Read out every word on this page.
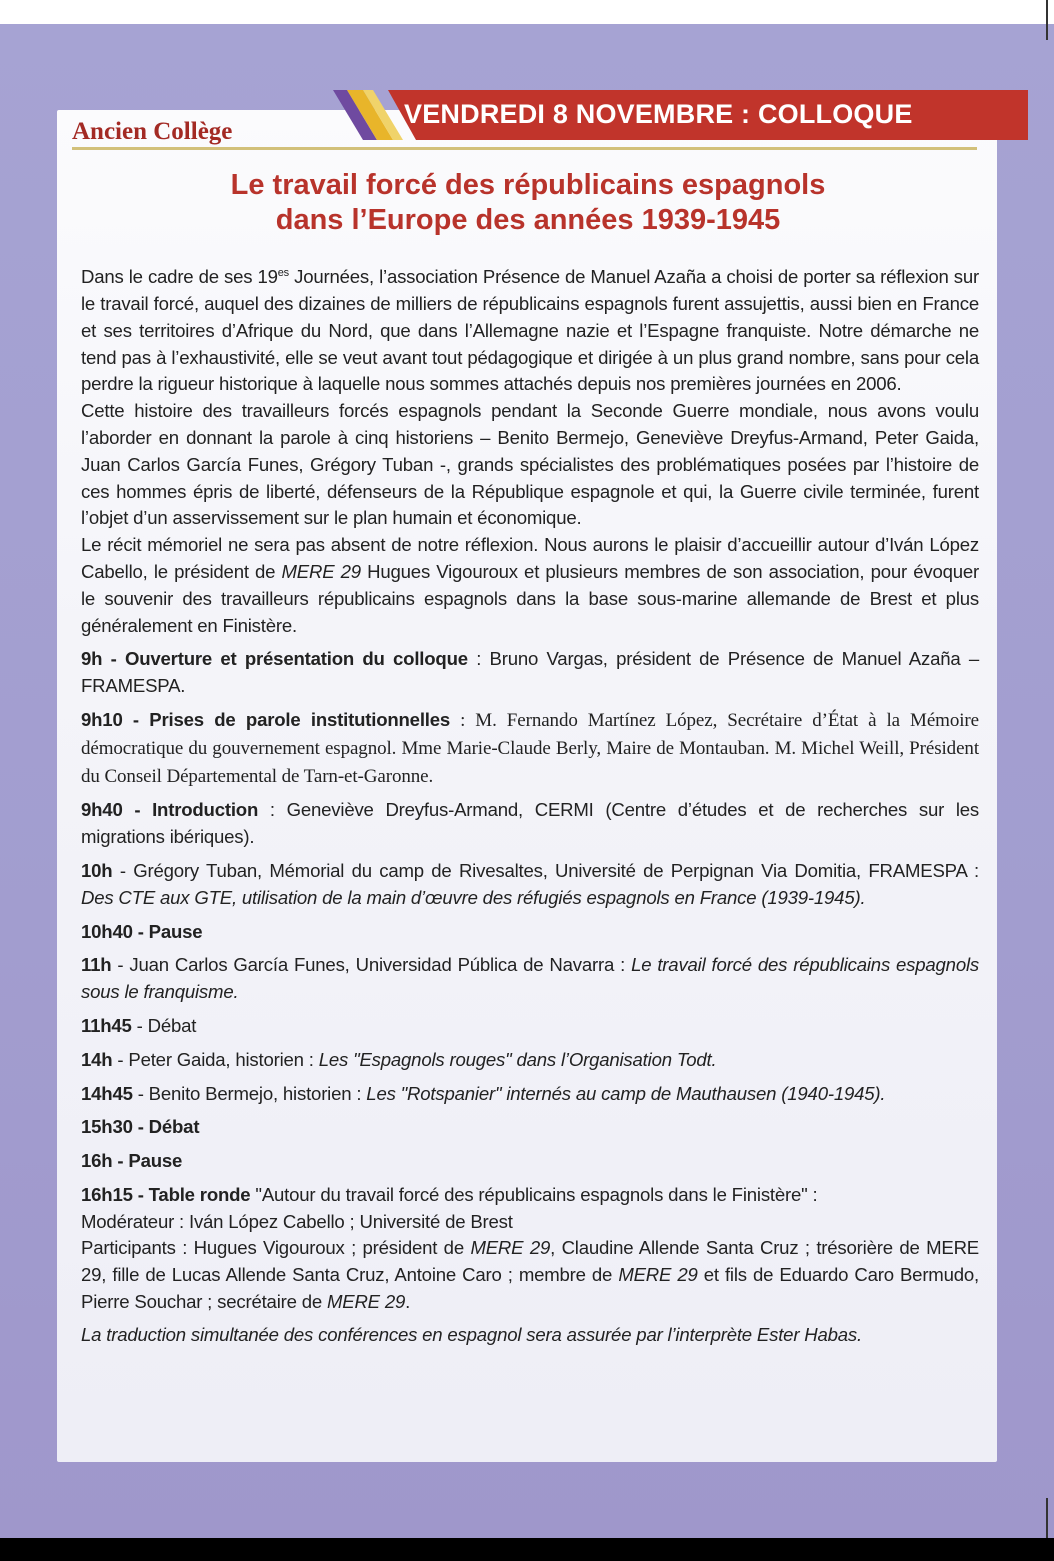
VENDREDI 8 NOVEMBRE : COLLOQUE
Ancien Collège
Le travail forcé des républicains espagnols
dans l’Europe des années 1939-1945

Dans le cadre de ses $19^{es}$ Journées, l’association Présence de Manuel Azaña a choisi de porter sa réflexion sur le travail forcé, auquel des dizaines de milliers de républicains espagnols furent assujettis, aussi bien en France et ses territoires d’Afrique du Nord, que dans l’Allemagne nazie et l’Espagne franquiste. Notre démarche ne tend pas à l’exhaustivité, elle se veut avant tout pédagogique et dirigée à un plus grand nombre, sans pour cela perdre la rigueur historique à laquelle nous sommes attachés depuis nos premières journées en 2006.

Cette histoire des travailleurs forcés espagnols pendant la Seconde Guerre mondiale, nous avons voulu l’aborder en donnant la parole à cinq historiens – Benito Bermejo, Geneviève Dreyfus-Armand, Peter Gaida, Juan Carlos García Funes, Grégory Tuban -, grands spécialistes des problématiques posées par l’histoire de ces hommes épris de liberté, défenseurs de la République espagnole et qui, la Guerre civile terminée, furent l’objet d’un asservissement sur le plan humain et économique.

Le récit mémoriel ne sera pas absent de notre réflexion. Nous aurons le plaisir d’accueillir autour d’Iván López Cabello, le président de MERE 29 Hugues Vigouroux et plusieurs membres de son association, pour évoquer le souvenir des travailleurs républicains espagnols dans la base sous-marine allemande de Brest et plus généralement en Finistère.

9h - Ouverture et présentation du colloque : Bruno Vargas, président de Présence de Manuel Azaña – FRAMESPA.

9h10 - Prises de parole institutionnelles : M. Fernando Martínez López, Secrétaire d’État à la Mémoire démocratique du gouvernement espagnol. Mme Marie-Claude Berly, Maire de Montauban. M. Michel Weill, Président du Conseil Départemental de Tarn-et-Garonne.

9h40 - Introduction : Geneviève Dreyfus-Armand, CERMI (Centre d’études et de recherches sur les migrations ibériques).

10h - Grégory Tuban, Mémorial du camp de Rivesaltes, Université de Perpignan Via Domitia, FRAMESPA : Des CTE aux GTE, utilisation de la main d’œuvre des réfugiés espagnols en France (1939-1945).

10h40 - Pause

11h - Juan Carlos García Funes, Universidad Pública de Navarra : Le travail forcé des républicains espagnols sous le franquisme.

11h45 - Débat

14h - Peter Gaida, historien : Les "Espagnols rouges" dans l’Organisation Todt.

14h45 - Benito Bermejo, historien : Les "Rotspanier" internés au camp de Mauthausen (1940-1945).

15h30 - Débat

16h - Pause

16h15 - Table ronde "Autour du travail forcé des républicains espagnols dans le Finistère" :

Modérateur : Iván López Cabello ; Université de Brest

Participants : Hugues Vigouroux ; président de MERE 29, Claudine Allende Santa Cruz ; trésorière de MERE 29, fille de Lucas Allende Santa Cruz, Antoine Caro ; membre de MERE 29 et fils de Eduardo Caro Bermudo, Pierre Souchar ; secrétaire de MERE 29.

La traduction simultanée des conférences en espagnol sera assurée par l’interprète Ester Habas.
